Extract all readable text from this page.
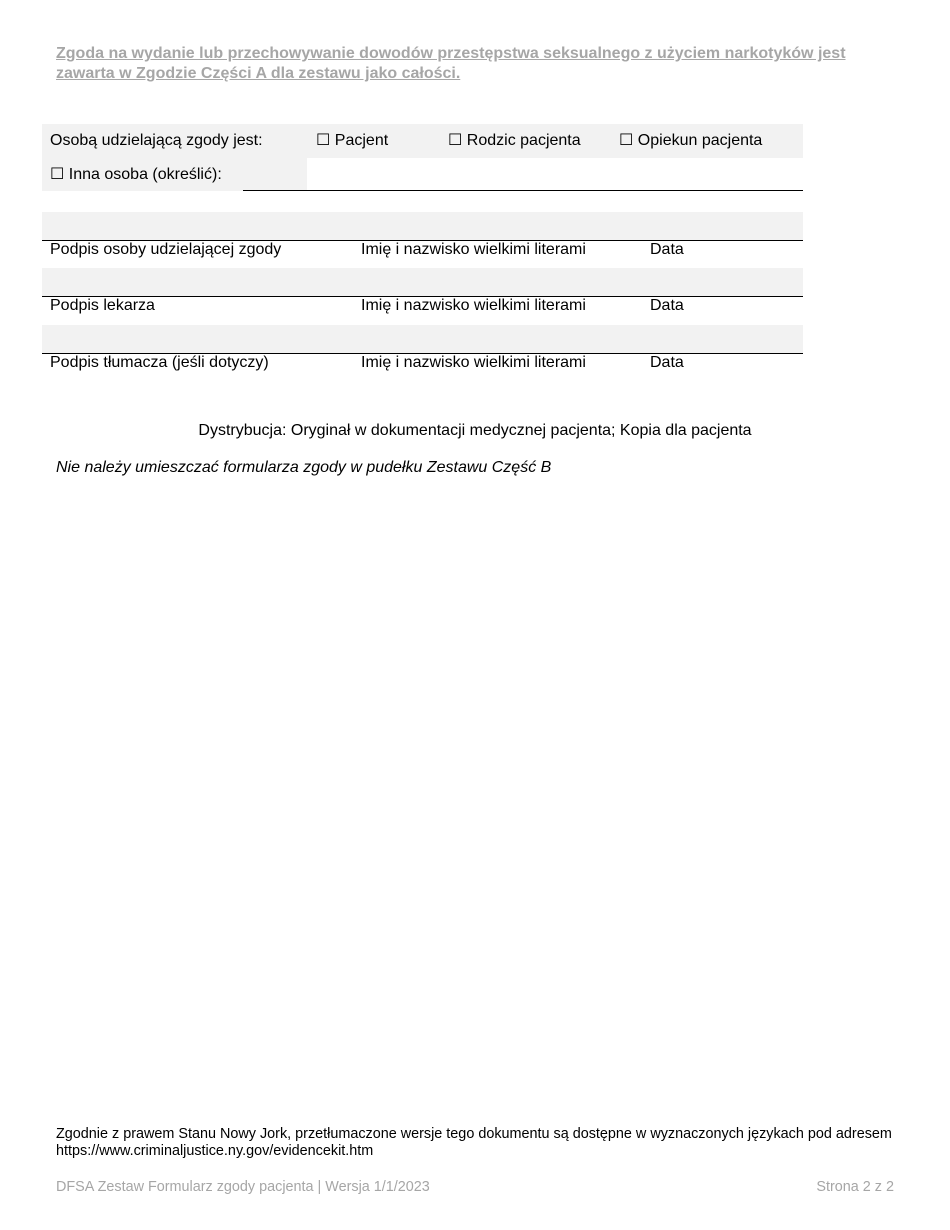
Zgoda na wydanie lub przechowywanie dowodów przestępstwa seksualnego z użyciem narkotyków jest zawarta w Zgodzie Części A dla zestawu jako całości.
Osobą udzielającą zgody jest:	☐ Pacjent	☐ Rodzic pacjenta ☐ Opiekun pacjenta
☐ Inna osoba (określić):
Podpis osoby udzielającej zgody	Imię i nazwisko wielkimi literami	Data
Podpis lekarza	Imię i nazwisko wielkimi literami	Data
Podpis tłumacza (jeśli dotyczy)	Imię i nazwisko wielkimi literami	Data
Dystrybucja: Oryginał w dokumentacji medycznej pacjenta; Kopia dla pacjenta
Nie należy umieszczać formularza zgody w pudełku Zestawu Część B
Zgodnie z prawem Stanu Nowy Jork, przetłumaczone wersje tego dokumentu są dostępne w wyznaczonych językach pod adresem https://www.criminaljustice.ny.gov/evidencekit.htm
DFSA Zestaw Formularz zgody pacjenta | Wersja 1/1/2023	Strona 2 z 2
